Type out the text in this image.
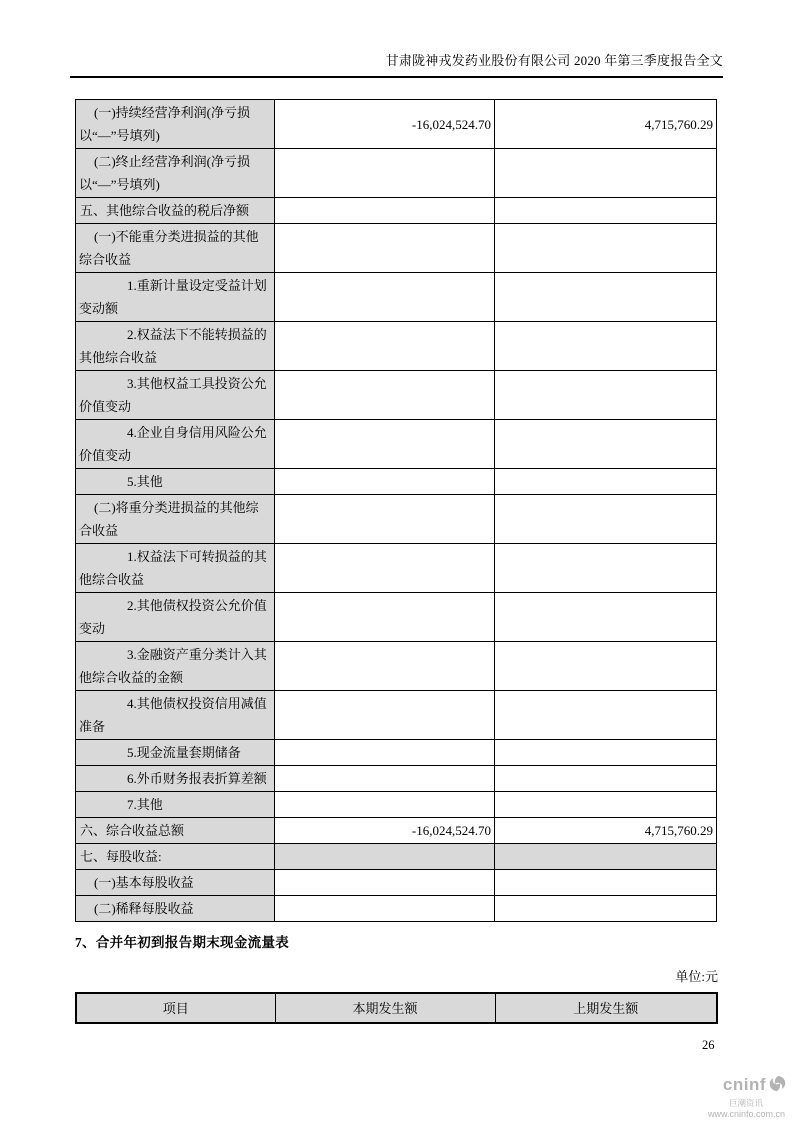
甘肃陇神戎发药业股份有限公司 2020 年第三季度报告全文
(一)持续经营净利润(净亏损以“—”号填列)	-16,024,524.70	4,715,760.29
(二)终止经营净利润(净亏损以“—”号填列)		
五、其他综合收益的税后净额		
(一)不能重分类进损益的其他综合收益		
1.重新计量设定受益计划变动额		
2.权益法下不能转损益的其他综合收益		
3.其他权益工具投资公允价值变动		
4.企业自身信用风险公允价值变动		
5.其他		
(二)将重分类进损益的其他综合收益		
1.权益法下可转损益的其他综合收益		
2.其他债权投资公允价值变动		
3.金融资产重分类计入其他综合收益的金额		
4.其他债权投资信用减值准备		
5.现金流量套期储备		
6.外币财务报表折算差额		
7.其他		
六、综合收益总额	-16,024,524.70	4,715,760.29
七、每股收益:		
(一)基本每股收益		
(二)稀释每股收益		
7、合并年初到报告期末现金流量表
单位:元
项目	本期发生额	上期发生额
26
cninf
巨潮资讯
www.cninfo.com.cn
